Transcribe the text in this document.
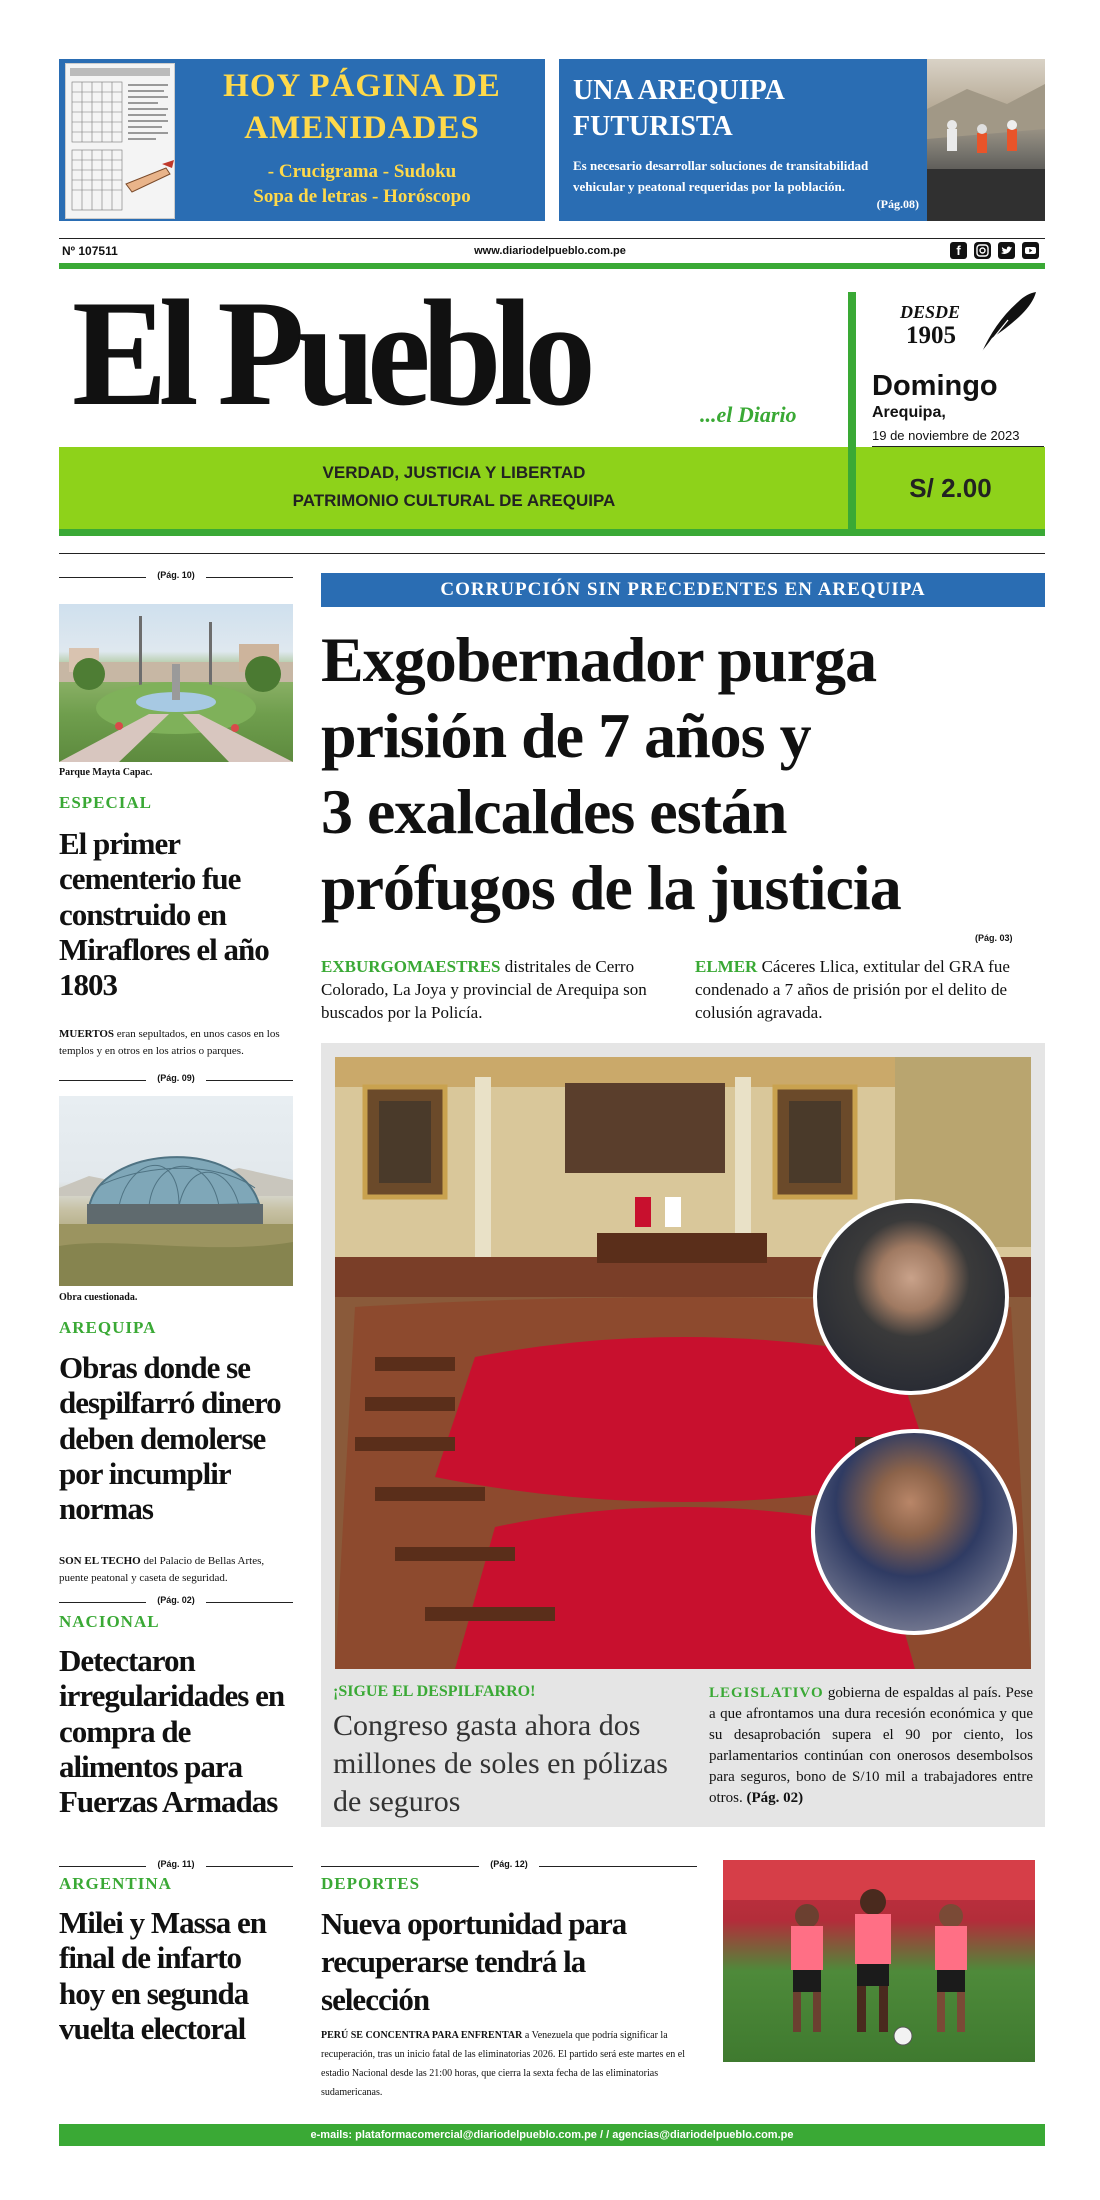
HOY PÁGINA DE
AMENIDADES
- Crucigrama - Sudoku
Sopa de letras - Horóscopo
UNA AREQUIPA
FUTURISTA
Es necesario desarrollar soluciones de transitabilidad vehicular y peatonal requeridas por la población.
(Pág.08)
Nº 107511	www.diariodelpueblo.com.pe	f
El Pueblo	...el Diario
DESDE
1905
Domingo
Arequipa,
19 de noviembre de 2023
VERDAD, JUSTICIA Y LIBERTAD
PATRIMONIO CULTURAL DE AREQUIPA	S/ 2.00
(Pág. 10)
Parque Mayta Capac.
ESPECIAL
El primer cementerio fue construido en Miraflores el año 1803
MUERTOS eran sepultados, en unos casos en los templos y en otros en los atrios o parques.
(Pág. 09)
Obra cuestionada.
AREQUIPA
Obras donde se despilfarró dinero deben demolerse por incumplir normas
SON EL TECHO del Palacio de Bellas Artes, puente peatonal y caseta de seguridad.
(Pág. 02)
NACIONAL
Detectaron irregularidades en compra de alimentos para Fuerzas Armadas
(Pág. 11)
ARGENTINA
Milei y Massa en final de infarto hoy en segunda vuelta electoral
CORRUPCIÓN SIN PRECEDENTES EN AREQUIPA
Exgobernador purga
prisión de 7 años y
3 exalcaldes están
prófugos de la justicia
(Pág. 03)
EXBURGOMAESTRES distritales de Cerro Colorado, La Joya y provincial de Arequipa son buscados por la Policía.
ELMER Cáceres Llica, extitular del GRA fue condenado a 7 años de prisión por el delito de colusión agravada.
¡SIGUE EL DESPILFARRO!
Congreso gasta ahora dos millones de soles en pólizas de seguros
LEGISLATIVO gobierna de espaldas al país. Pese a que afrontamos una dura recesión económica y que su desaprobación supera el 90 por ciento, los parlamentarios continúan con onerosos desembolsos para seguros, bono de S/10 mil a trabajadores entre otros. (Pág. 02)
(Pág. 12)
DEPORTES
Nueva oportunidad para recuperarse tendrá la selección
PERÚ SE CONCENTRA PARA ENFRENTAR a Venezuela que podría significar la recuperación, tras un inicio fatal de las eliminatorias 2026. El partido será este martes en el estadio Nacional desde las 21:00 horas, que cierra la sexta fecha de las eliminatorias sudamericanas.
e-mails: plataformacomercial@diariodelpueblo.com.pe / / agencias@diariodelpueblo.com.pe
